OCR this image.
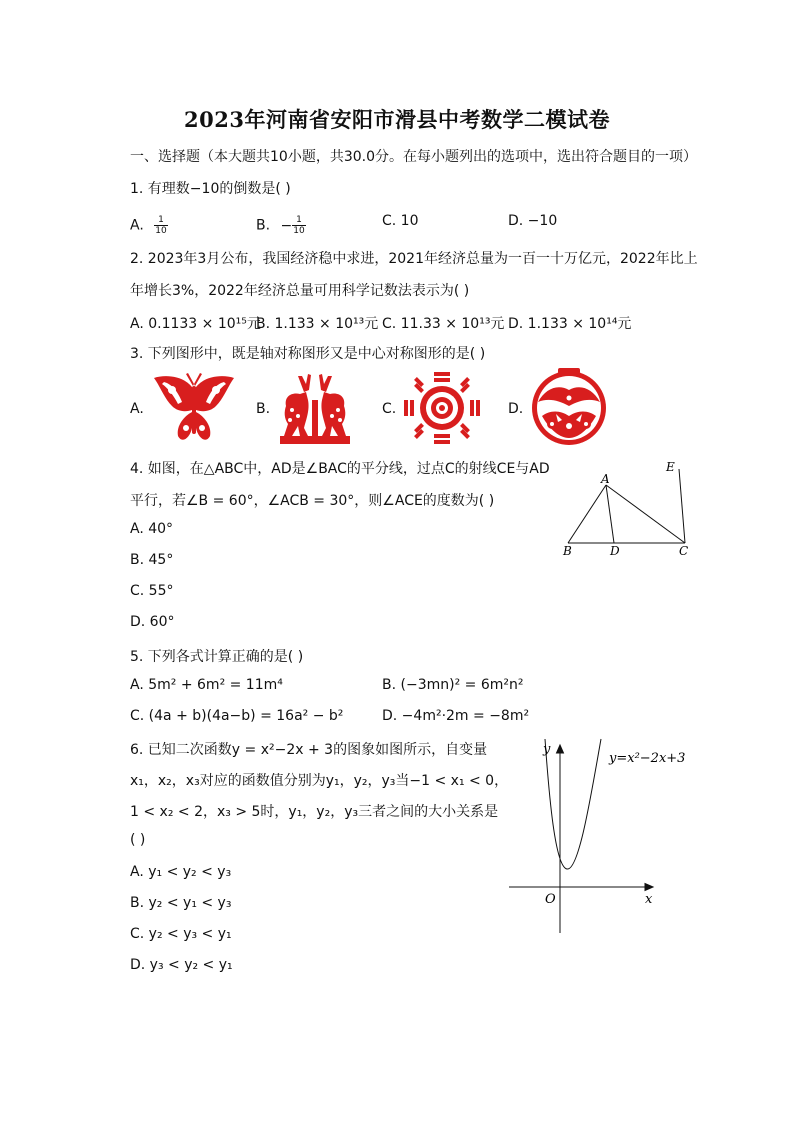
2023年河南省安阳市滑县中考数学二模试卷
一、选择题（本大题共10小题，共30.0分。在每小题列出的选项中，选出符合题目的一项）
1. 有理数−10的倒数是( )
A. $\frac{1}{10}$	B. − $\frac{1}{10}$	C. 10	D. −10
2. 2023年3月公布，我国经济稳中求进，2021年经济总量为一百一十万亿元，2022年比上
年增长3%，2022年经济总量可用科学记数法表示为( )
A. 0.1133 × 10¹⁵元
B. 1.133 × 10¹³元 C. 11.33 × 10¹³元 D. 1.133 × 10¹⁴元
3. 下列图形中，既是轴对称图形又是中心对称图形的是( )
A.	B.	C.	D.
4. 如图，在△ABC中，AD是∠BAC的平分线，过点C的射线CE与AD
平行，若∠B = 60°，∠ACB = 30°，则∠ACE的度数为( )
A. 40°
B. 45°
C. 55°
D. 60°
A
B	D	C
E
5. 下列各式计算正确的是( )
A. 5m² + 6m² = 11m⁴	B. (−3mn)² = 6m²n²
C. (4a + b)(4a−b) = 16a² − b²	D. −4m²·2m = −8m²
6. 已知二次函数y = x²−2x + 3的图象如图所示，自变量
x₁，x₂，x₃对应的函数值分别为y₁，y₂，y₃当−1 < x₁ < 0，
1 < x₂ < 2，x₃ > 5时，y₁，y₂，y₃三者之间的大小关系是
( )
A. y₁ < y₂ < y₃
B. y₂ < y₁ < y₃
C. y₂ < y₃ < y₁
D. y₃ < y₂ < y₁
y
x
O
y=x²−2x+3
